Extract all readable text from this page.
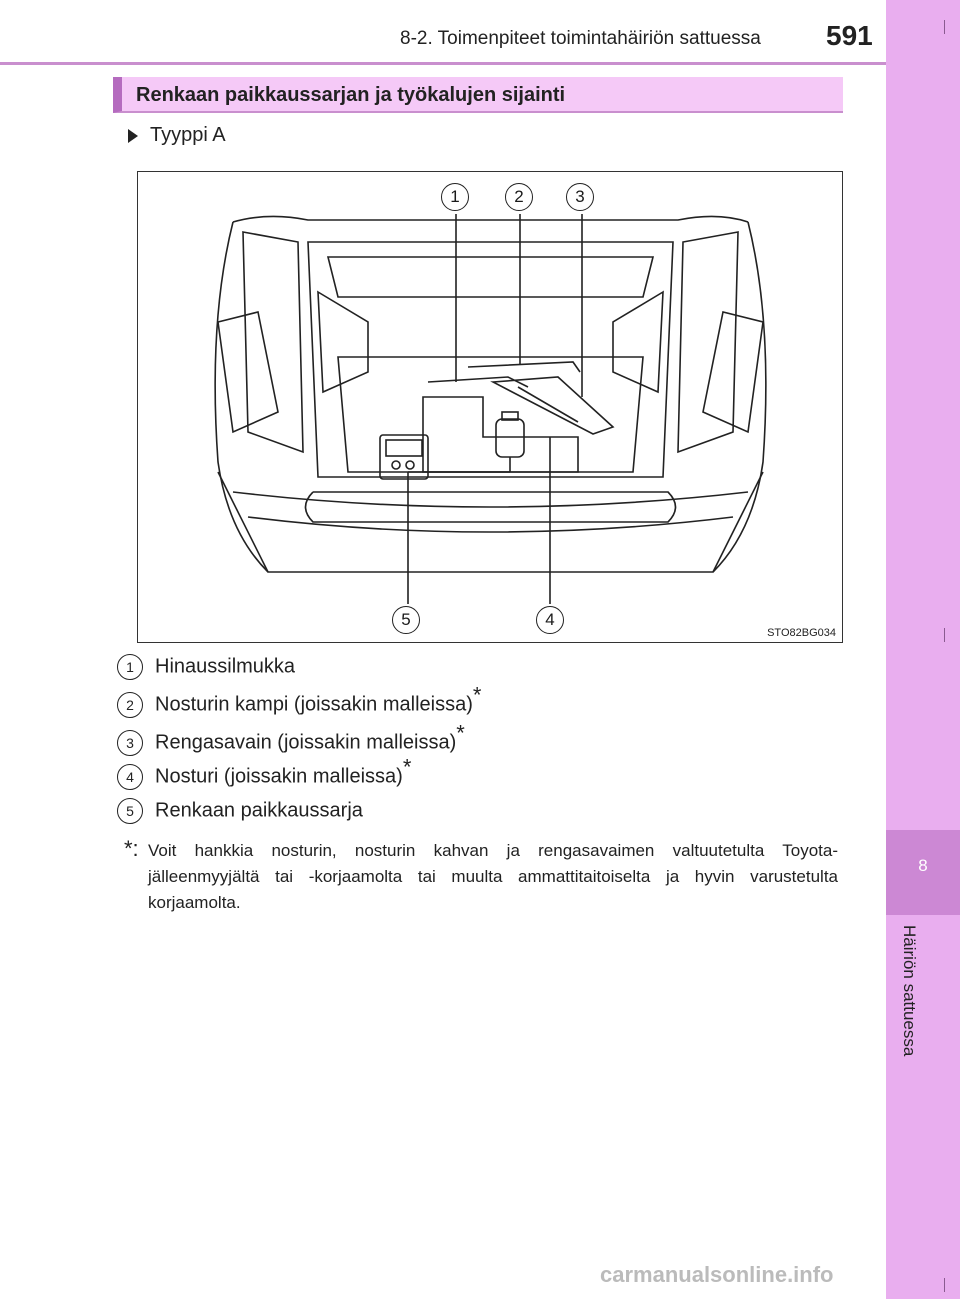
8
Häiriön sattuessa
8-2. Toimenpiteet toimintahäiriön sattuessa 591
Renkaan paikkaussarjan ja työkalujen sijainti
Tyyppi A
1	2	3
5	4
STO82BG034
1 Hinaussilmukka
2 Nosturin kampi (joissakin malleissa)*
3 Rengasavain (joissakin malleissa)*
4 Nosturi (joissakin malleissa)*
5 Renkaan paikkaussarja
*: Voit hankkia nosturin, nosturin kahvan ja rengasavaimen valtuutetulta Toyota-jälleenmyyjältä tai -korjaamolta tai muulta ammattitaitoiselta ja hyvin varustetulta korjaamolta.
carmanualsonline.info
